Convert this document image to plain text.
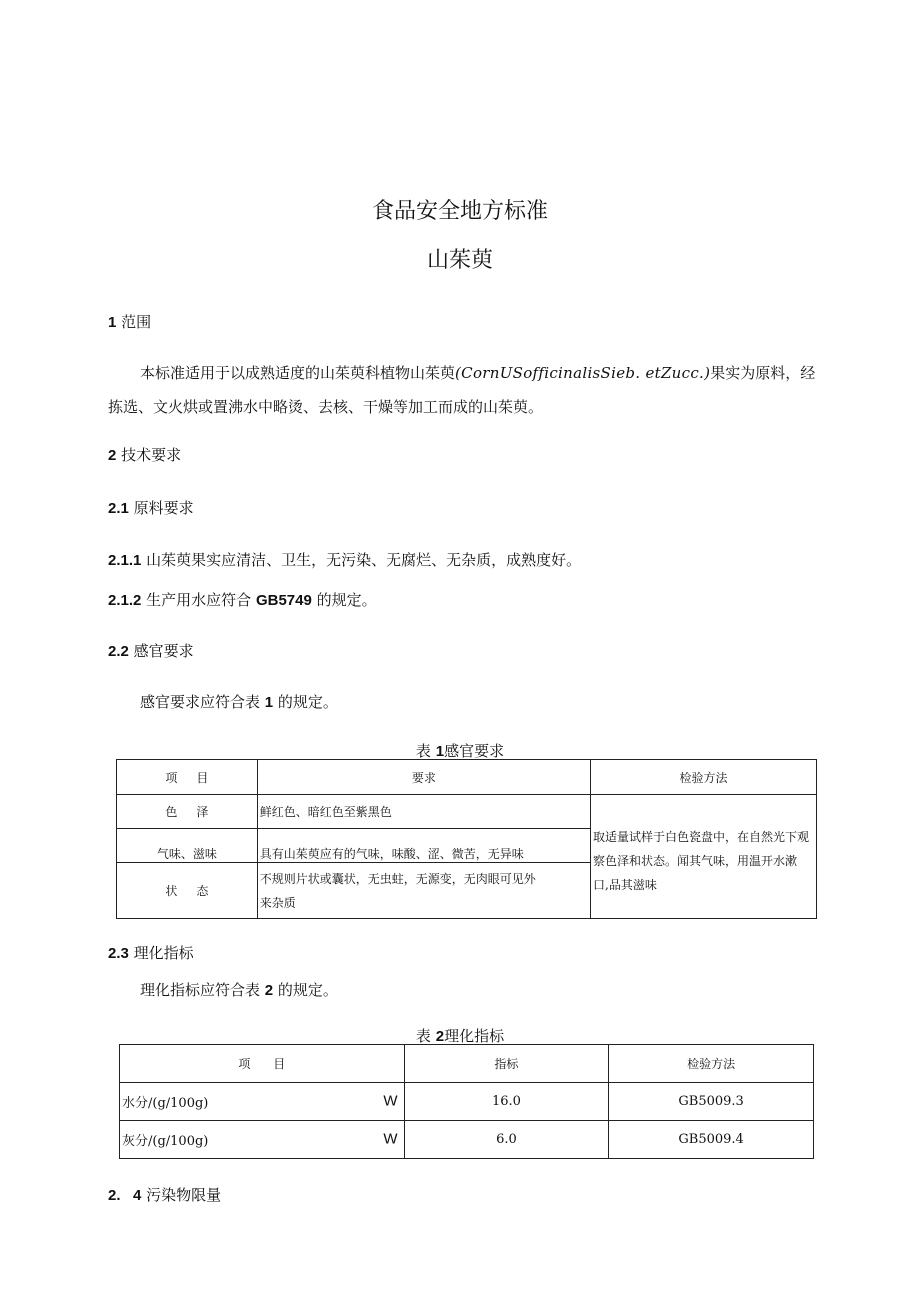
食品安全地方标准
山茱萸
1 范围
本标准适用于以成熟适度的山茱萸科植物山茱萸(CornUSofficinalisSieb. etZucc.)果实为原料，经
拣选、文火烘或置沸水中略烫、去核、干燥等加工而成的山茱萸。
2 技术要求
2.1 原料要求
2.1.1 山茱萸果实应清洁、卫生，无污染、无腐烂、无杂质，成熟度好。
2.1.2 生产用水应符合 GB5749 的规定。
2.2 感官要求
感官要求应符合表 1 的规定。
表 1感官要求
项     目	要求	检验方法
色     泽	鲜红色、暗红色至紫黑色	取适量试样于白色瓷盘中，在自然光下观
察色泽和状态。闻其气味，用温开水漱
口,品其滋味

气味、滋味	具有山茱萸应有的气味，味酸、涩、微苦，无异味	
状     态	不规则片状或囊状，无虫蛀，无源变，无肉眼可见外
来杂质	
2.3 理化指标
理化指标应符合表 2 的规定。
表 2理化指标
项      目	指标	检验方法
水分/(g/100g) W	16.0	GB5009.3
灰分/(g/100g) W	6.0	GB5009.4
2.   4 污染物限量
